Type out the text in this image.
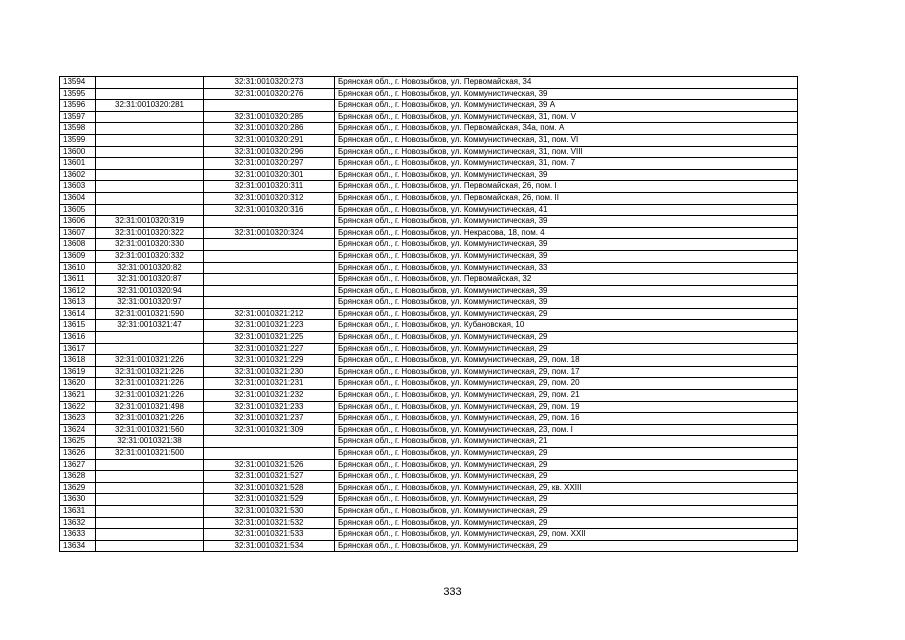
13594		32:31:0010320:273	Брянская обл., г. Новозыбков, ул. Первомайская, 34
13595		32:31:0010320:276	Брянская обл., г. Новозыбков, ул. Коммунистическая, 39
13596	32:31:0010320:281		Брянская обл., г. Новозыбков, ул. Коммунистическая, 39 А
13597		32:31:0010320:285	Брянская обл., г. Новозыбков, ул. Коммунистическая, 31, пом. V
13598		32:31:0010320:286	Брянская обл., г. Новозыбков, ул. Первомайская, 34а, пом. А
13599		32:31:0010320:291	Брянская обл., г. Новозыбков, ул. Коммунистическая, 31, пом. VI
13600		32:31:0010320:296	Брянская обл., г. Новозыбков, ул. Коммунистическая, 31, пом. VIII
13601		32:31:0010320:297	Брянская обл., г. Новозыбков, ул. Коммунистическая, 31, пом. 7
13602		32:31:0010320:301	Брянская обл., г. Новозыбков, ул. Коммунистическая, 39
13603		32:31:0010320:311	Брянская обл., г. Новозыбков, ул. Первомайская, 26, пом. I
13604		32:31:0010320:312	Брянская обл., г. Новозыбков, ул. Первомайская, 26, пом. II
13605		32:31:0010320:316	Брянская обл., г. Новозыбков, ул. Коммунистическая, 41
13606	32:31:0010320:319		Брянская обл., г. Новозыбков, ул. Коммунистическая, 39
13607	32:31:0010320:322	32:31:0010320:324	Брянская обл., г. Новозыбков, ул. Некрасова, 18, пом. 4
13608	32:31:0010320:330		Брянская обл., г. Новозыбков, ул. Коммунистическая, 39
13609	32:31:0010320:332		Брянская обл., г. Новозыбков, ул. Коммунистическая, 39
13610	32:31:0010320:82		Брянская обл., г. Новозыбков, ул. Коммунистическая, 33
13611	32:31:0010320:87		Брянская обл., г. Новозыбков, ул. Первомайская, 32
13612	32:31:0010320:94		Брянская обл., г. Новозыбков, ул. Коммунистическая, 39
13613	32:31:0010320:97		Брянская обл., г. Новозыбков, ул. Коммунистическая, 39
13614	32:31:0010321:590	32:31:0010321:212	Брянская обл., г. Новозыбков, ул. Коммунистическая, 29
13615	32:31:0010321:47	32:31:0010321:223	Брянская обл., г. Новозыбков, ул. Кубановская, 10
13616		32:31:0010321:225	Брянская обл., г. Новозыбков, ул. Коммунистическая, 29
13617		32:31:0010321:227	Брянская обл., г. Новозыбков, ул. Коммунистическая, 29
13618	32:31:0010321:226	32:31:0010321:229	Брянская обл., г. Новозыбков, ул. Коммунистическая, 29, пом. 18
13619	32:31:0010321:226	32:31:0010321:230	Брянская обл., г. Новозыбков, ул. Коммунистическая, 29, пом. 17
13620	32:31:0010321:226	32:31:0010321:231	Брянская обл., г. Новозыбков, ул. Коммунистическая, 29, пом. 20
13621	32:31:0010321:226	32:31:0010321:232	Брянская обл., г. Новозыбков, ул. Коммунистическая, 29, пом. 21
13622	32:31:0010321:498	32:31:0010321:233	Брянская обл., г. Новозыбков, ул. Коммунистическая, 29, пом. 19
13623	32:31:0010321:226	32:31:0010321:237	Брянская обл., г. Новозыбков, ул. Коммунистическая, 29, пом. 16
13624	32:31:0010321:560	32:31:0010321:309	Брянская обл., г. Новозыбков, ул. Коммунистическая, 23, пом. I
13625	32:31:0010321:38		Брянская обл., г. Новозыбков, ул. Коммунистическая, 21
13626	32:31:0010321:500		Брянская обл., г. Новозыбков, ул. Коммунистическая, 29
13627		32:31:0010321:526	Брянская обл., г. Новозыбков, ул. Коммунистическая, 29
13628		32:31:0010321:527	Брянская обл., г. Новозыбков, ул. Коммунистическая, 29
13629		32:31:0010321:528	Брянская обл., г. Новозыбков, ул. Коммунистическая, 29, кв. XXIII
13630		32:31:0010321:529	Брянская обл., г. Новозыбков, ул. Коммунистическая, 29
13631		32:31:0010321:530	Брянская обл., г. Новозыбков, ул. Коммунистическая, 29
13632		32:31:0010321:532	Брянская обл., г. Новозыбков, ул. Коммунистическая, 29
13633		32:31:0010321:533	Брянская обл., г. Новозыбков, ул. Коммунистическая, 29, пом. XXII
13634		32:31:0010321:534	Брянская обл., г. Новозыбков, ул. Коммунистическая, 29
333
